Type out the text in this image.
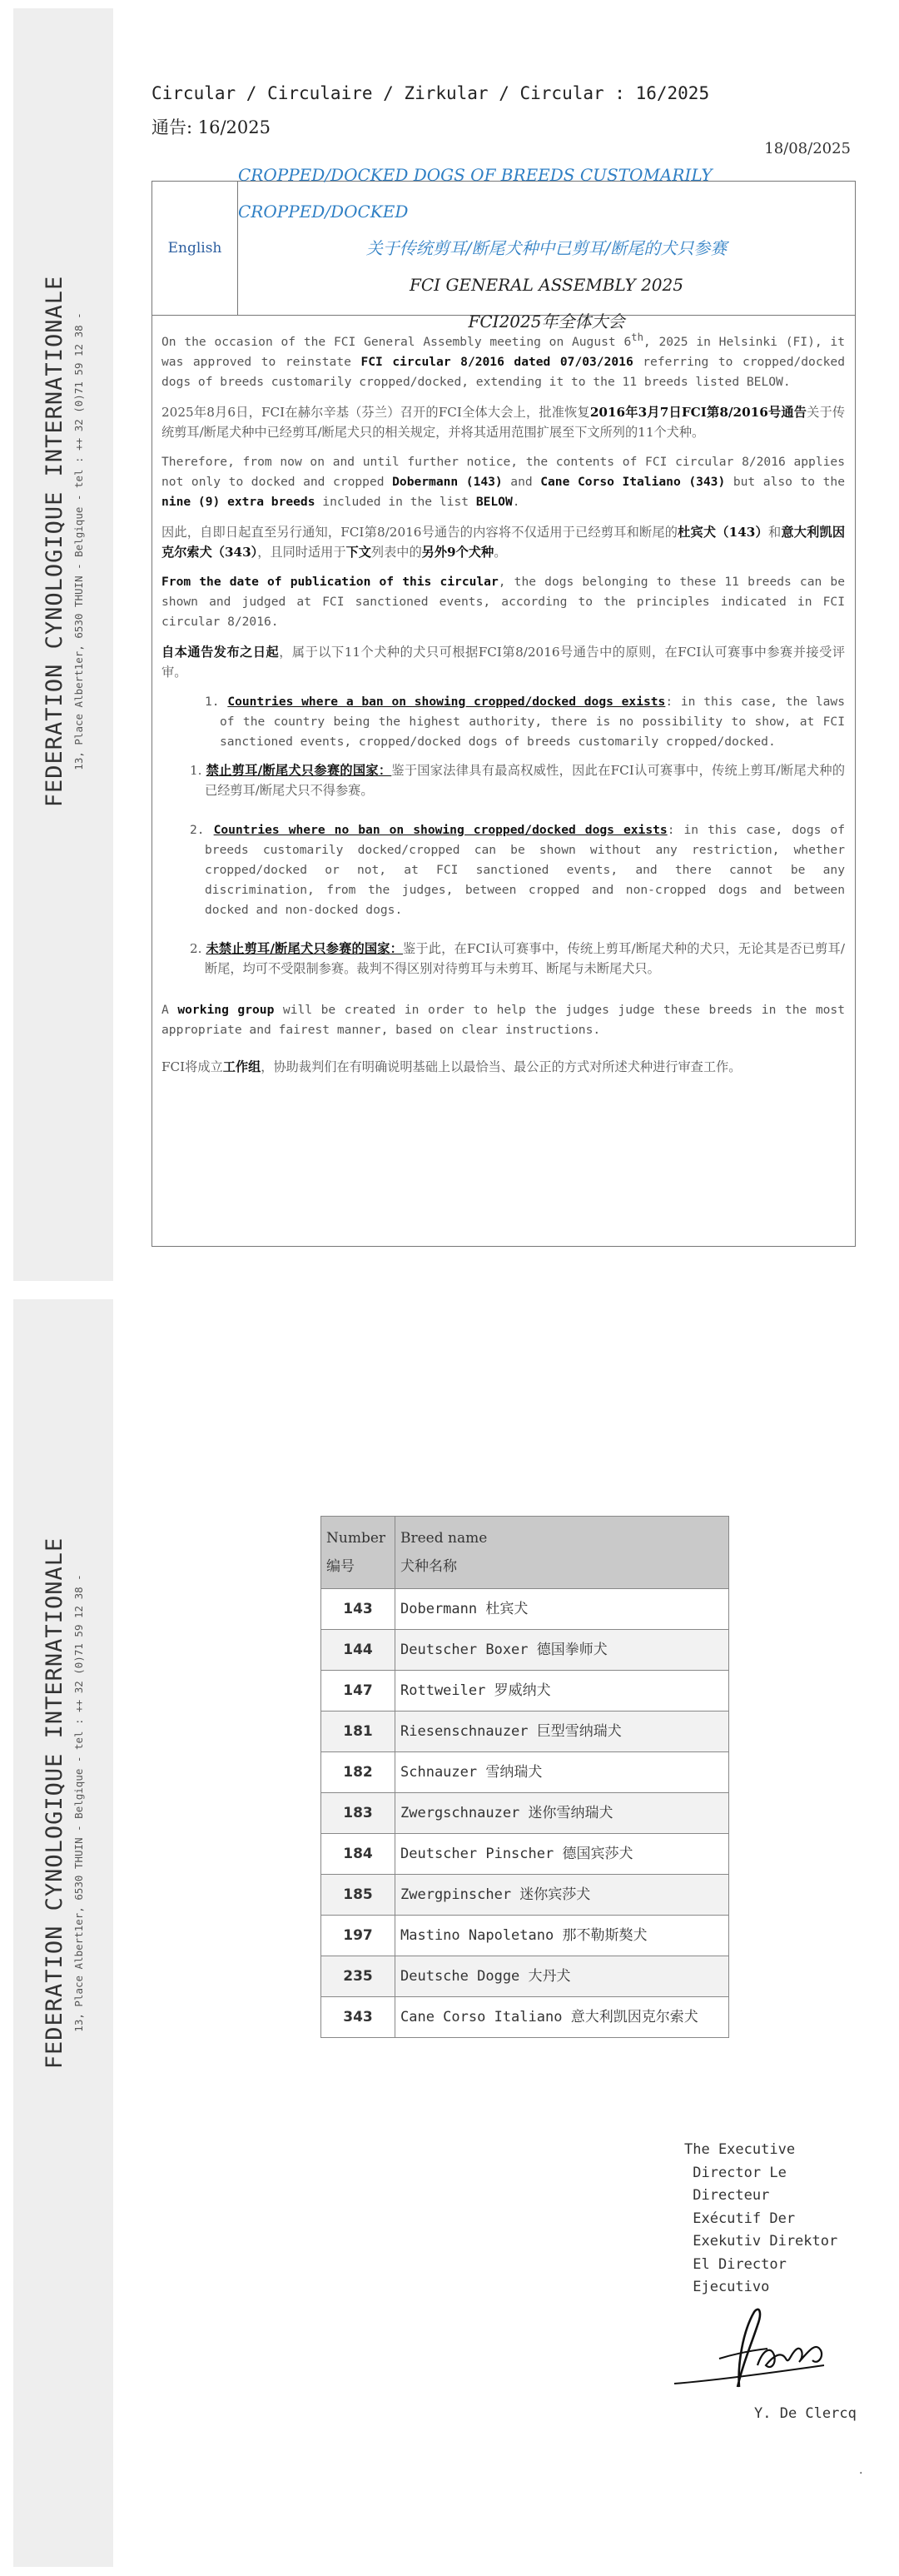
FEDERATION CYNOLOGIQUE INTERNATIONALE 13, Place Albert1er, 6530 THUIN - Belgique - tel : ++ 32 (0)71 59 12 38 -
FEDERATION CYNOLOGIQUE INTERNATIONALE 13, Place Albert1er, 6530 THUIN - Belgique - tel : ++ 32 (0)71 59 12 38 -
Circular / Circulaire / Zirkular / Circular : 16/2025
通告: 16/2025
18/08/2025
English
CROPPED/DOCKED DOGS OF BREEDS CUSTOMARILY CROPPED/DOCKED
关于传统剪耳/断尾犬种中已剪耳/断尾的犬只参赛
FCI GENERAL ASSEMBLY 2025
FCI2025年全体大会

On the occasion of the FCI General Assembly meeting on August 6th, 2025 in Helsinki (FI), it was approved to reinstate FCI circular 8/2016 dated 07/03/2016 referring to cropped/docked dogs of breeds customarily cropped/docked, extending it to the 11 breeds listed BELOW.

2025年8月6日，FCI在赫尔辛基（芬兰）召开的FCI全体大会上，批准恢复2016年3月7日FCI第8/2016号通告关于传统剪耳/断尾犬种中已经剪耳/断尾犬只的相关规定，并将其适用范围扩展至下文所列的11个犬种。

Therefore, from now on and until further notice, the contents of FCI circular 8/2016 applies not only to docked and cropped Dobermann (143) and Cane Corso Italiano (343) but also to the nine (9) extra breeds included in the list BELOW.

因此，自即日起直至另行通知，FCI第8/2016号通告的内容将不仅适用于已经剪耳和断尾的杜宾犬（143）和意大利凯因克尔索犬（343），且同时适用于下文列表中的另外9个犬种。

From the date of publication of this circular, the dogs belonging to these 11 breeds can be shown and judged at FCI sanctioned events, according to the principles indicated in FCI circular 8/2016.

自本通告发布之日起，属于以下11个犬种的犬只可根据FCI第8/2016号通告中的原则，在FCI认可赛事中参赛并接受评审。

1. Countries where a ban on showing cropped/docked dogs exists: in this case, the laws of the country being the highest authority, there is no possibility to show, at FCI sanctioned events, cropped/docked dogs of breeds customarily cropped/docked.
1. 禁止剪耳/断尾犬只参赛的国家：鉴于国家法律具有最高权威性，因此在FCI认可赛事中，传统上剪耳/断尾犬种的已经剪耳/断尾犬只不得参赛。
2. Countries where no ban on showing cropped/docked dogs exists: in this case, dogs of breeds customarily docked/cropped can be shown without any restriction, whether cropped/docked or not, at FCI sanctioned events, and there cannot be any discrimination, from the judges, between cropped and non-cropped dogs and between docked and non-docked dogs.
2. 未禁止剪耳/断尾犬只参赛的国家：鉴于此，在FCI认可赛事中，传统上剪耳/断尾犬种的犬只，无论其是否已剪耳/断尾，均可不受限制参赛。裁判不得区别对待剪耳与未剪耳、断尾与未断尾犬只。

A working group will be created in order to help the judges judge these breeds in the most appropriate and fairest manner, based on clear instructions.

FCI将成立工作组，协助裁判们在有明确说明基础上以最恰当、最公正的方式对所述犬种进行审查工作。

Number
编号	Breed name
犬种名称
143	Dobermann 杜宾犬
144	Deutscher Boxer 德国拳师犬
147	Rottweiler 罗威纳犬
181	Riesenschnauzer 巨型雪纳瑞犬
182	Schnauzer 雪纳瑞犬
183	Zwergschnauzer 迷你雪纳瑞犬
184	Deutscher Pinscher 德国宾莎犬
185	Zwergpinscher 迷你宾莎犬
197	Mastino Napoletano 那不勒斯獒犬
235	Deutsche Dogge 大丹犬
343	Cane Corso Italiano 意大利凯因克尔索犬
The Executive
Director Le
Directeur
Exécutif Der
Exekutiv Direktor
El Director
Ejecutivo
Y. De Clercq
.
